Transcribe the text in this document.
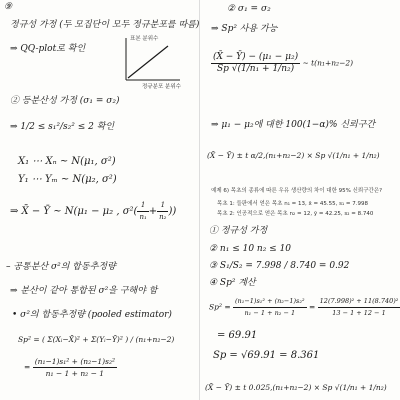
⑨
정규성 가정 (두 모집단이 모두 정규분포를 따름)
⇒ QQ-plot로 확인
표본 분위수
정규분포 분위수
② 등분산성 가정 (σ₁ = σ₂)
⇒ 1/2 ≤ s₁²/s₂² ≤ 2 확인
X₁ ⋯ Xₙ ~ N(μ₁, σ²)
Y₁ ⋯ Yₘ ~ N(μ₂, σ²)
⇒ X̄ − Ȳ ~ N(μ₁ − μ₂ , $\sigma^2( \frac{1}{\text{n₁}} + \frac{1}{\text{n₂}}$ ))
– 공통분산 σ²의 합동추정량
⇒ 분산이 같아 통합된 σ²을 구해야 함
• σ²의 합동추정량 (pooled estimator)
Sp² = ( Σ(Xᵢ−X̄)² + Σ(Yᵢ−Ȳ)² ) / (n₁+n₂−2)
= $\frac{\text{(n₁−1)s₁² + (n₂−1)s₂²}}{\text{n₁ − 1 + n₂ − 1}}$
② σ₁ = σ₂
⇒ Sp² 사용 가능
$\frac{\text{(X̄ − Ȳ) − (μ₁ − μ₂)}}{\text{Sp √(1/n₁ + 1/n₂)}}$ ~ t(n₁+n₂−2)
⇒ μ₁ − μ₂에 대한 100(1−α)% 신뢰구간
(X̄ − Ȳ) ± t α/2,(n₁+n₂−2) × Sp √(1/n₁ + 1/n₂)
예제 6) 목초의 종류에 따른 우유 생산량의 차이 대한 95% 신뢰구간은?
목초 1: 들판에서 얻은 목초 n₁ = 13, x̄ = 45.55, s₁ = 7.998
목초 2: 인공적으로 얻은 목초 n₂ = 12, ȳ = 42.25, s₂ = 8.740
① 정규성 가정
② n₁ ≤ 10 n₂ ≤ 10
③ S₁/S₂ = 7.998 / 8.740 = 0.92
④ Sp² 계산
$Sp^2 = \frac{\text{(n₁−1)s₁² + (n₂−1)s₂²}}{\text{n₁ − 1 + n₂ − 1}} = \frac{\text{12(7.998)² + 11(8.740)²}}{13 - 1 + 12 - 1}$
= 69.91
Sp = √69.91 = 8.361
(X̄ − Ȳ) ± t 0.025,(n₁+n₂−2) × Sp √(1/n₁ + 1/n₂)
